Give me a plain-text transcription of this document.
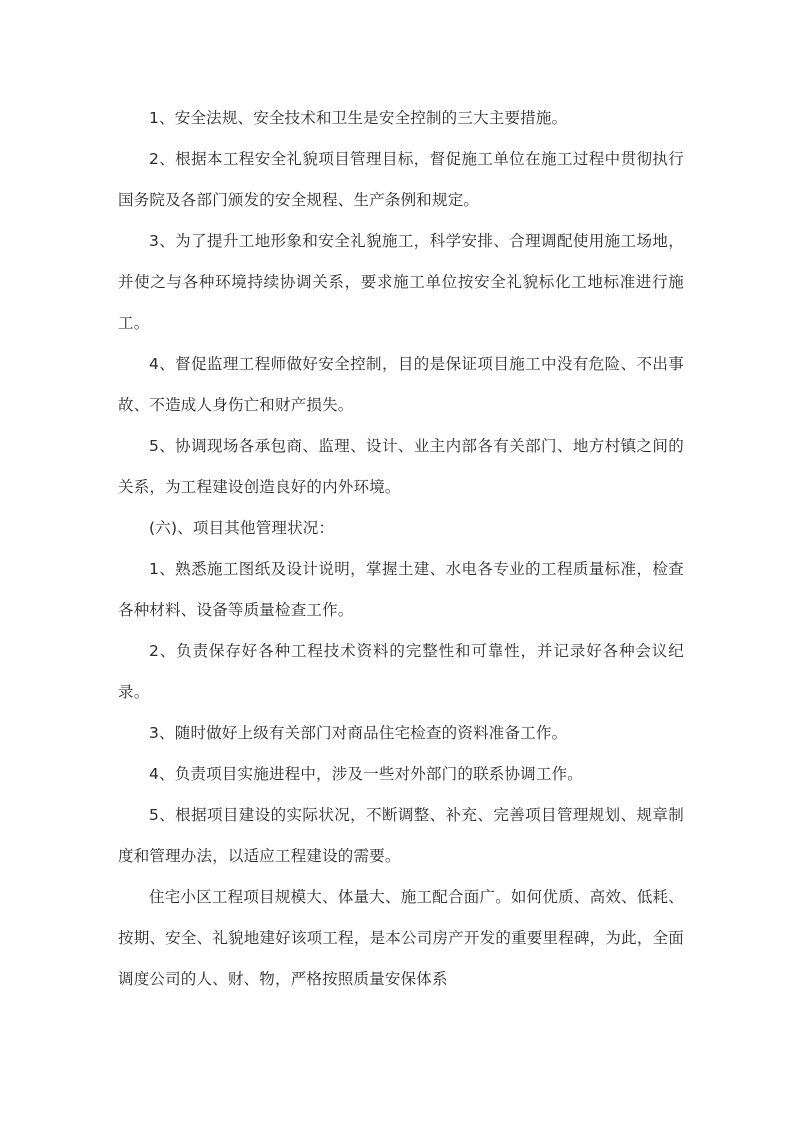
1、安全法规、安全技术和卫生是安全控制的三大主要措施。

2、根据本工程安全礼貌项目管理目标，督促施工单位在施工过程中贯彻执行国务院及各部门颁发的安全规程、生产条例和规定。

3、为了提升工地形象和安全礼貌施工，科学安排、合理调配使用施工场地，并使之与各种环境持续协调关系，要求施工单位按安全礼貌标化工地标准进行施工。

4、督促监理工程师做好安全控制，目的是保证项目施工中没有危险、不出事故、不造成人身伤亡和财产损失。

5、协调现场各承包商、监理、设计、业主内部各有关部门、地方村镇之间的关系，为工程建设创造良好的内外环境。

(六)、项目其他管理状况：

1、熟悉施工图纸及设计说明，掌握土建、水电各专业的工程质量标准，检查各种材料、设备等质量检查工作。

2、负责保存好各种工程技术资料的完整性和可靠性，并记录好各种会议纪录。

3、随时做好上级有关部门对商品住宅检查的资料准备工作。

4、负责项目实施进程中，涉及一些对外部门的联系协调工作。

5、根据项目建设的实际状况，不断调整、补充、完善项目管理规划、规章制度和管理办法，以适应工程建设的需要。

住宅小区工程项目规模大、体量大、施工配合面广。如何优质、高效、低耗、按期、安全、礼貌地建好该项工程，是本公司房产开发的重要里程碑，为此，全面调度公司的人、财、物，严格按照质量安保体系
